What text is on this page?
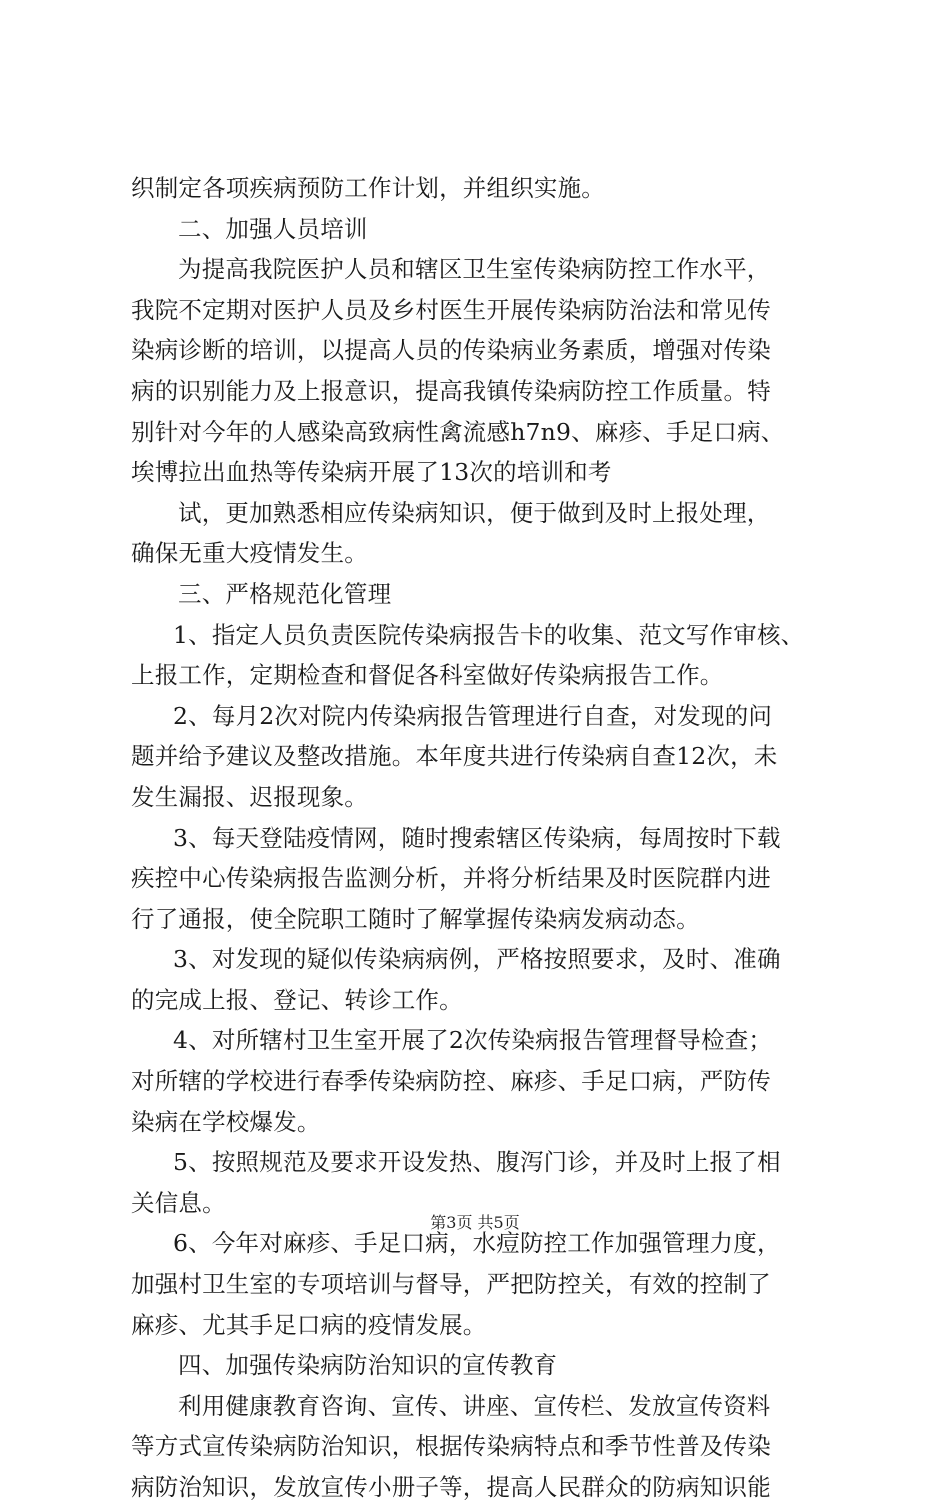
织制定各项疾病预防工作计划，并组织实施。
二、加强人员培训
为提高我院医护人员和辖区卫生室传染病防控工作水平，
我院不定期对医护人员及乡村医生开展传染病防治法和常见传
染病诊断的培训，以提高人员的传染病业务素质，增强对传染
病的识别能力及上报意识，提高我镇传染病防控工作质量。特
别针对今年的人感染高致病性禽流感h7n9、麻疹、手足口病、
埃博拉出血热等传染病开展了13次的培训和考
试，更加熟悉相应传染病知识，便于做到及时上报处理，
确保无重大疫情发生。
三、严格规范化管理
1、指定人员负责医院传染病报告卡的收集、范文写作审核、
上报工作，定期检查和督促各科室做好传染病报告工作。
2、每月2次对院内传染病报告管理进行自查，对发现的问
题并给予建议及整改措施。本年度共进行传染病自查12次，未
发生漏报、迟报现象。
3、每天登陆疫情网，随时搜索辖区传染病，每周按时下载
疾控中心传染病报告监测分析，并将分析结果及时医院群内进
行了通报，使全院职工随时了解掌握传染病发病动态。
3、对发现的疑似传染病病例，严格按照要求，及时、准确
的完成上报、登记、转诊工作。
4、对所辖村卫生室开展了2次传染病报告管理督导检查；
对所辖的学校进行春季传染病防控、麻疹、手足口病，严防传
染病在学校爆发。
5、按照规范及要求开设发热、腹泻门诊，并及时上报了相
关信息。
6、今年对麻疹、手足口病，水痘防控工作加强管理力度，
加强村卫生室的专项培训与督导，严把防控关，有效的控制了
麻疹、尤其手足口病的疫情发展。
四、加强传染病防治知识的宣传教育
利用健康教育咨询、宣传、讲座、宣传栏、发放宣传资料
等方式宣传染病防治知识，根据传染病特点和季节性普及传染
病防治知识，发放宣传小册子等，提高人民群众的防病知识能
第3页 共5页
